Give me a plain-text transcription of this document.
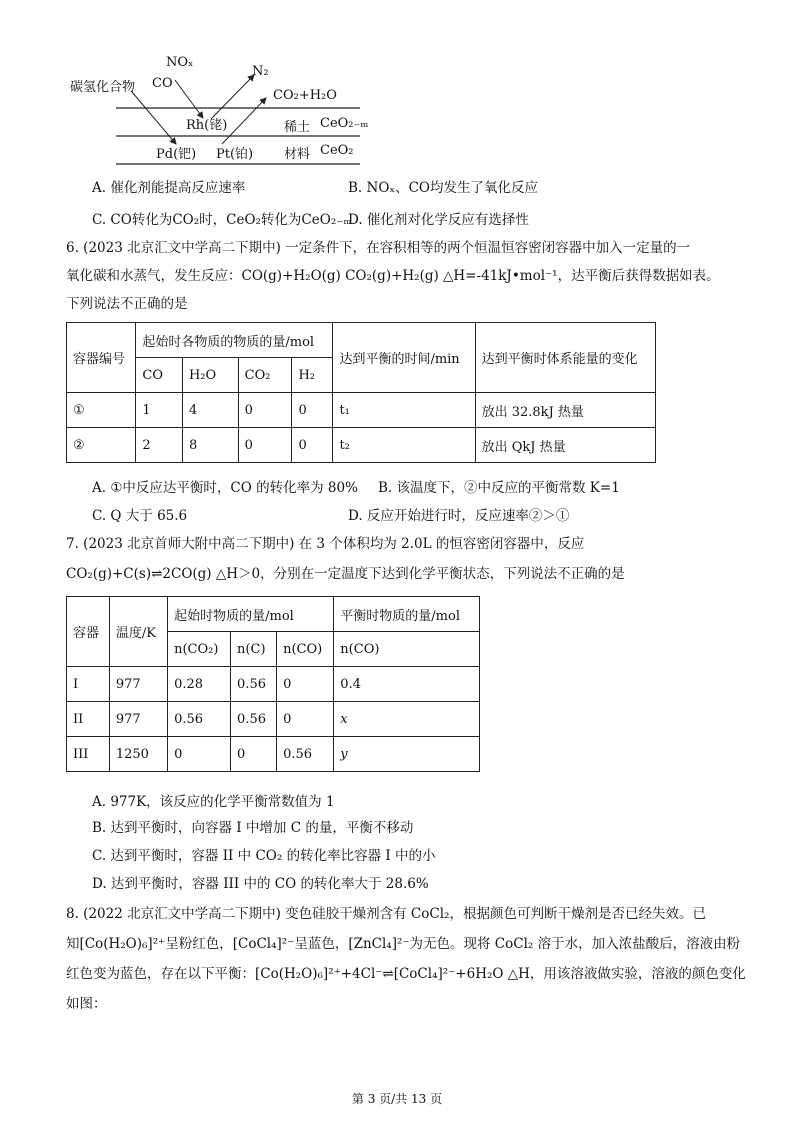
碳氢化合物 CO
NOₓ
N₂
CO₂+H₂O
Rh(铑)	稀土 CeO₂₋ₘ
Pd(钯) Pt(铂) 材料 CeO₂
A. 催化剂能提高反应速率	B. NOₓ、CO均发生了氧化反应
C. CO转化为CO₂时，CeO₂转化为CeO₂₋ₘ
D. 催化剂对化学反应有选择性
6. (2023 北京汇文中学高二下期中) 一定条件下，在容积相等的两个恒温恒容密闭容器中加入一定量的一
氧化碳和水蒸气，发生反应：CO(g)+H₂O(g) CO₂(g)+H₂(g) △H=-41kJ•mol⁻¹，达平衡后获得数据如表。
下列说法不正确的是
容器编号	起始时各物质的物质的量/mol				达到平衡的时间/min	达到平衡时体系能量的变化
	CO	H₂O	CO₂	H₂		
①	1	4	0	0	t₁	放出 32.8kJ 热量
②	2	8	0	0	t₂	放出 QkJ 热量
A. ①中反应达平衡时，CO 的转化率为 80% B. 该温度下，②中反应的平衡常数 K=1
C. Q 大于 65.6	D. 反应开始进行时，反应速率②＞①
7. (2023 北京首师大附中高二下期中) 在 3 个体积均为 2.0L 的恒容密闭容器中，反应
CO₂(g)+C(s)⇌2CO(g) △H＞0，分别在一定温度下达到化学平衡状态，下列说法不正确的是
容器	温度/K	起始时物质的量/mol			平衡时物质的量/mol
		n(CO₂)	n(C)	n(CO)	n(CO)
I	977	0.28	0.56	0	0.4
II	977	0.56	0.56	0	x
III	1250	0	0	0.56	y
A. 977K，该反应的化学平衡常数值为 1
B. 达到平衡时，向容器 I 中增加 C 的量，平衡不移动
C. 达到平衡时，容器 II 中 CO₂ 的转化率比容器 I 中的小
D. 达到平衡时，容器 III 中的 CO 的转化率大于 28.6%
8. (2022 北京汇文中学高二下期中) 变色硅胶干燥剂含有 CoCl₂，根据颜色可判断干燥剂是否已经失效。已
知[Co(H₂O)₆]²⁺呈粉红色，[CoCl₄]²⁻呈蓝色，[ZnCl₄]²⁻为无色。现将 CoCl₂ 溶于水，加入浓盐酸后，溶液由粉
红色变为蓝色，存在以下平衡：[Co(H₂O)₆]²⁺+4Cl⁻⇌[CoCl₄]²⁻+6H₂O △H，用该溶液做实验，溶液的颜色变化
如图：
第 3 页/共 13 页
